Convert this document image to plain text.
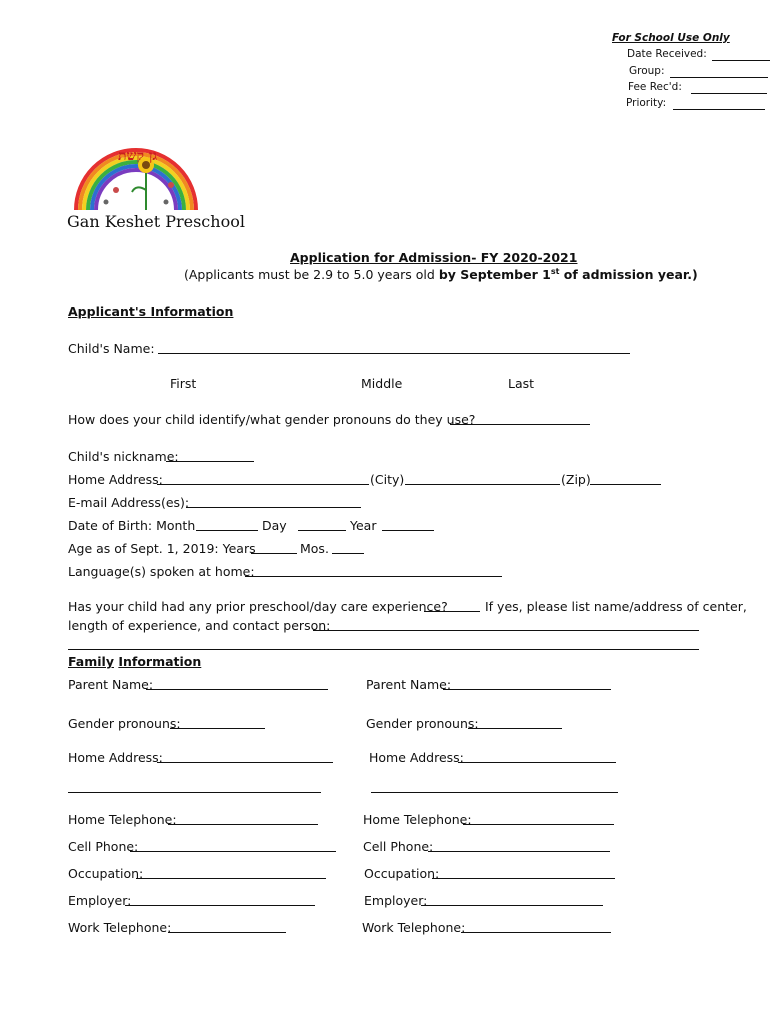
For School Use Only
Date Received:
Group:
Fee Rec'd:
Priority:
גן קשת
Gan Keshet Preschool
Application for Admission- FY 2020-2021
(Applicants must be 2.9 to 5.0 years old by September 1st of admission year.)
Applicant's Information
Child's Name:
First	Middle	Last
How does your child identify/what gender pronouns do they use?
Child's nickname:
Home Address:	(City)	(Zip)
E-mail Address(es):
Date of Birth: Month	Day	Year
Age as of Sept. 1, 2019: Years	Mos.
Language(s) spoken at home:
Has your child had any prior preschool/day care experience?	If yes, please list name/address of center,
length of experience, and contact person:
Family Information
Parent Name:	Parent Name:
Gender pronouns:	Gender pronouns:
Home Address:	Home Address:
Home Telephone:	Home Telephone:
Cell Phone:	Cell Phone:
Occupation:	Occupation:
Employer:	Employer:
Work Telephone:	Work Telephone:
